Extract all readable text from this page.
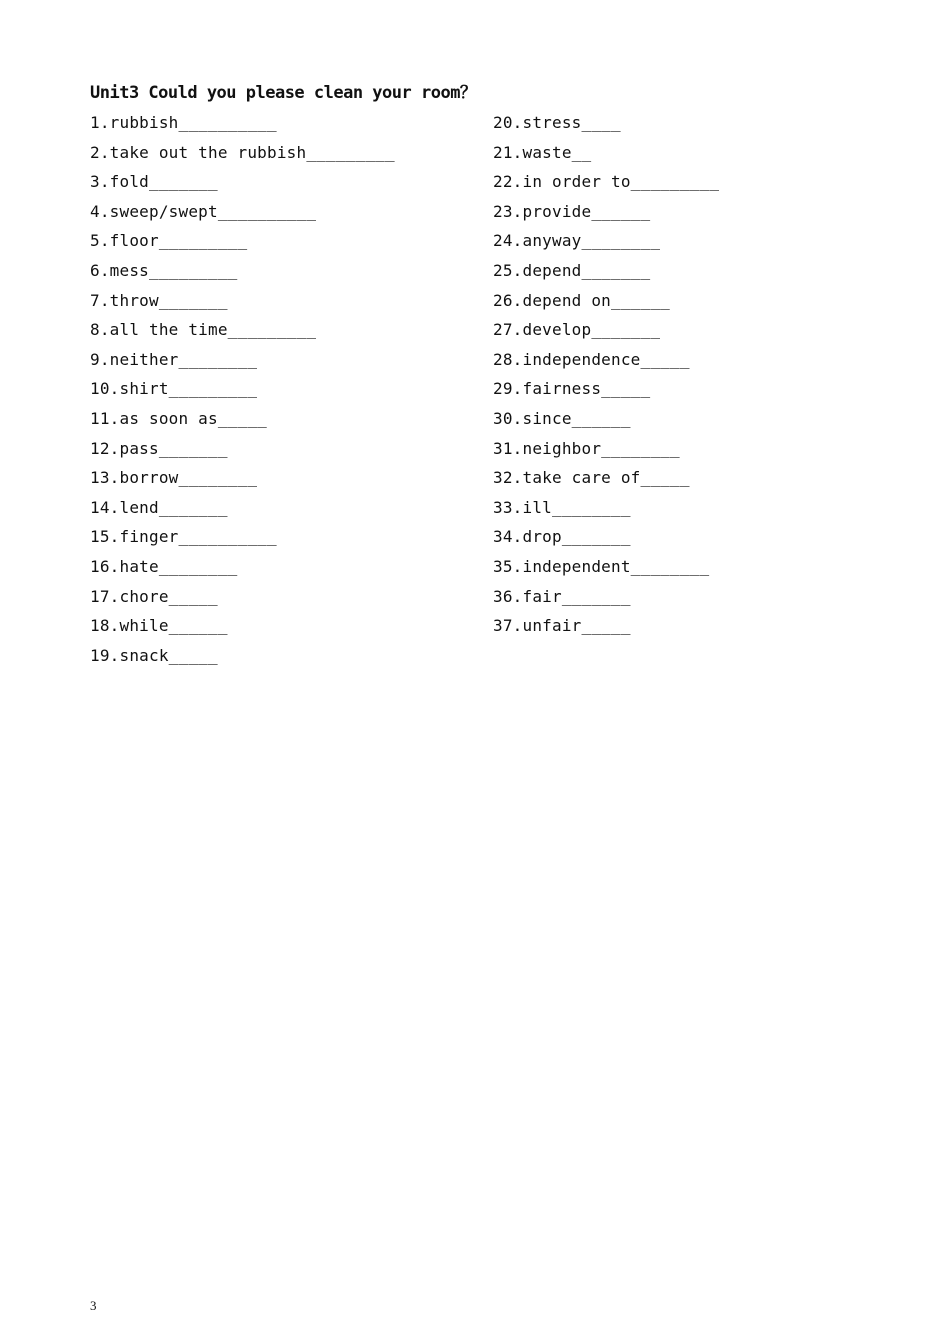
Unit3 Could you please clean your room？
1.rubbish__________
2.take out the rubbish_________
3.fold_______
4.sweep/swept__________
5.floor_________
6.mess_________
7.throw_______
8.all the time_________
9.neither________
10.shirt_________
11.as soon as_____
12.pass_______
13.borrow________
14.lend_______
15.finger__________
16.hate________
17.chore_____
18.while______
19.snack_____
20.stress____
21.waste__
22.in order to_________
23.provide______
24.anyway________
25.depend_______
26.depend on______
27.develop_______
28.independence_____
29.fairness_____
30.since______
31.neighbor________
32.take care of_____
33.ill________
34.drop_______
35.independent________
36.fair_______
37.unfair_____
3
